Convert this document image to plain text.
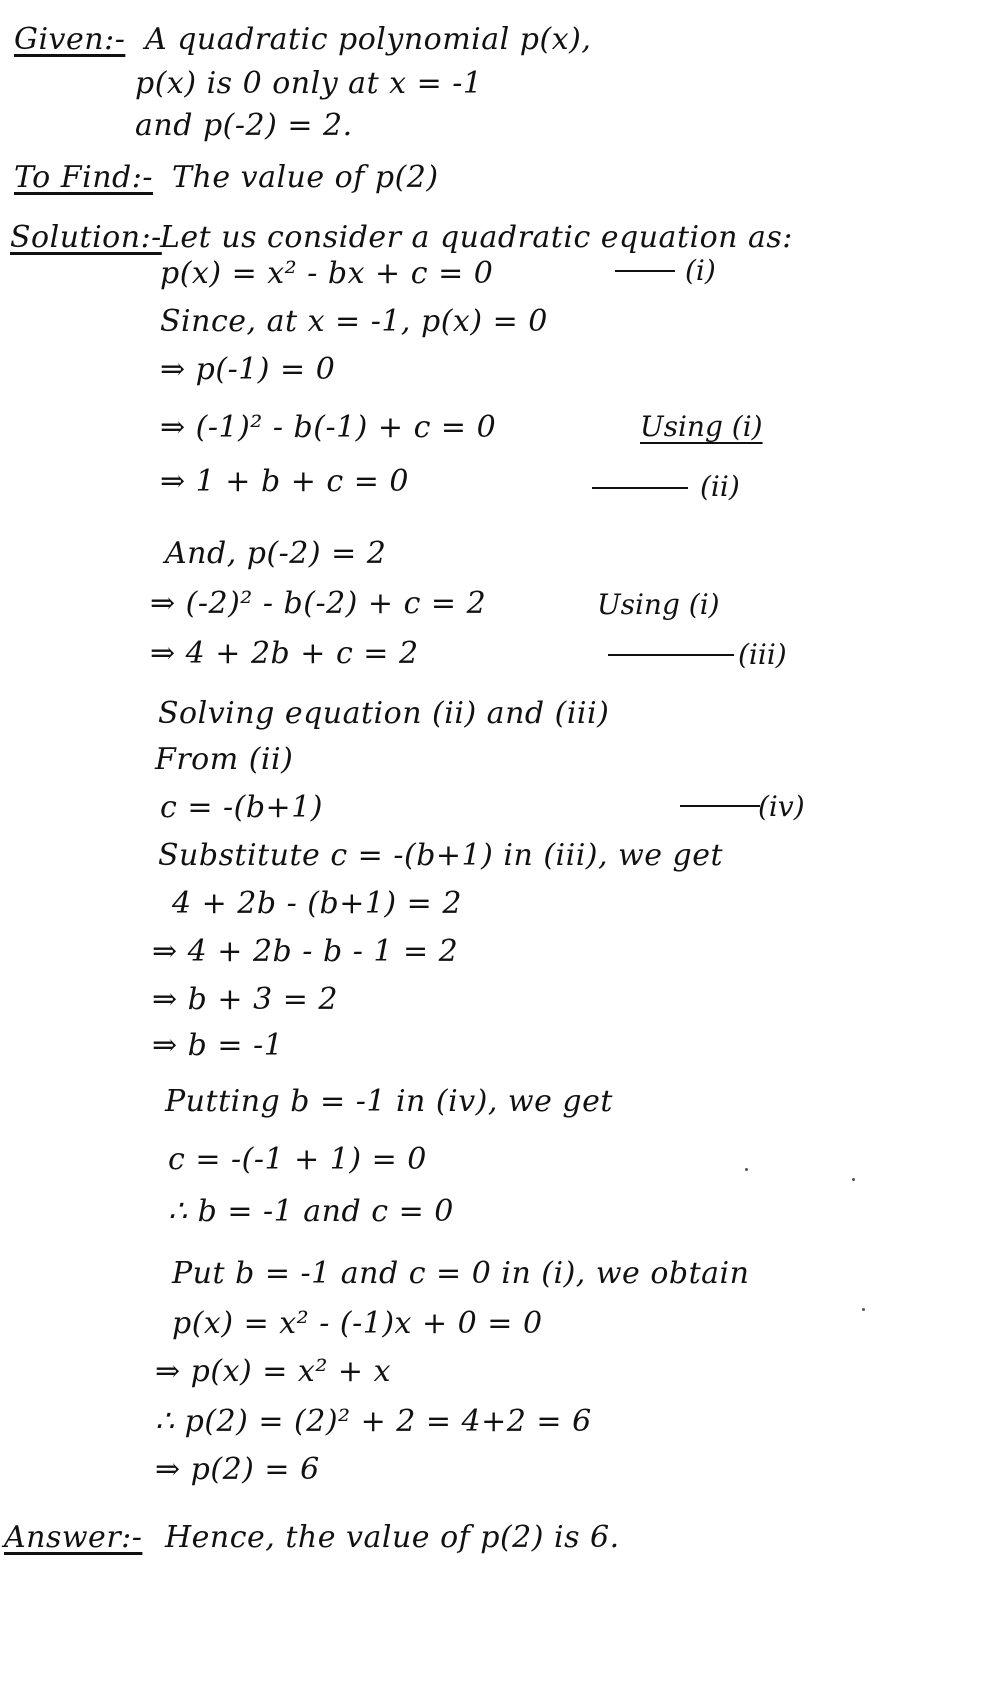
Given:- A quadratic polynomial p(x),
p(x) is 0 only at x = -1
and p(-2) = 2.
To Find:- The value of p(2)
Solution:-
Let us consider a quadratic equation as:
p(x) = x² - bx + c = 0	(i)
Since, at x = -1, p(x) = 0
⇒ p(-1) = 0
⇒ (-1)² - b(-1) + c = 0	Using (i)
⇒ 1 + b + c = 0	(ii)
And, p(-2) = 2
⇒ (-2)² - b(-2) + c = 2	Using (i)
⇒ 4 + 2b + c = 2	(iii)
Solving equation (ii) and (iii)
From (ii)
c = -(b+1)	(iv)
Substitute c = -(b+1) in (iii), we get
4 + 2b - (b+1) = 2
⇒ 4 + 2b - b - 1 = 2
⇒ b + 3 = 2
⇒ b = -1
Putting b = -1 in (iv), we get
c = -(-1 + 1) = 0
∴ b = -1 and c = 0
Put b = -1 and c = 0 in (i), we obtain
p(x) = x² - (-1)x + 0 = 0
⇒ p(x) = x² + x
∴ p(2) = (2)² + 2 = 4+2 = 6
⇒ p(2) = 6
Answer:- Hence, the value of p(2) is 6.
